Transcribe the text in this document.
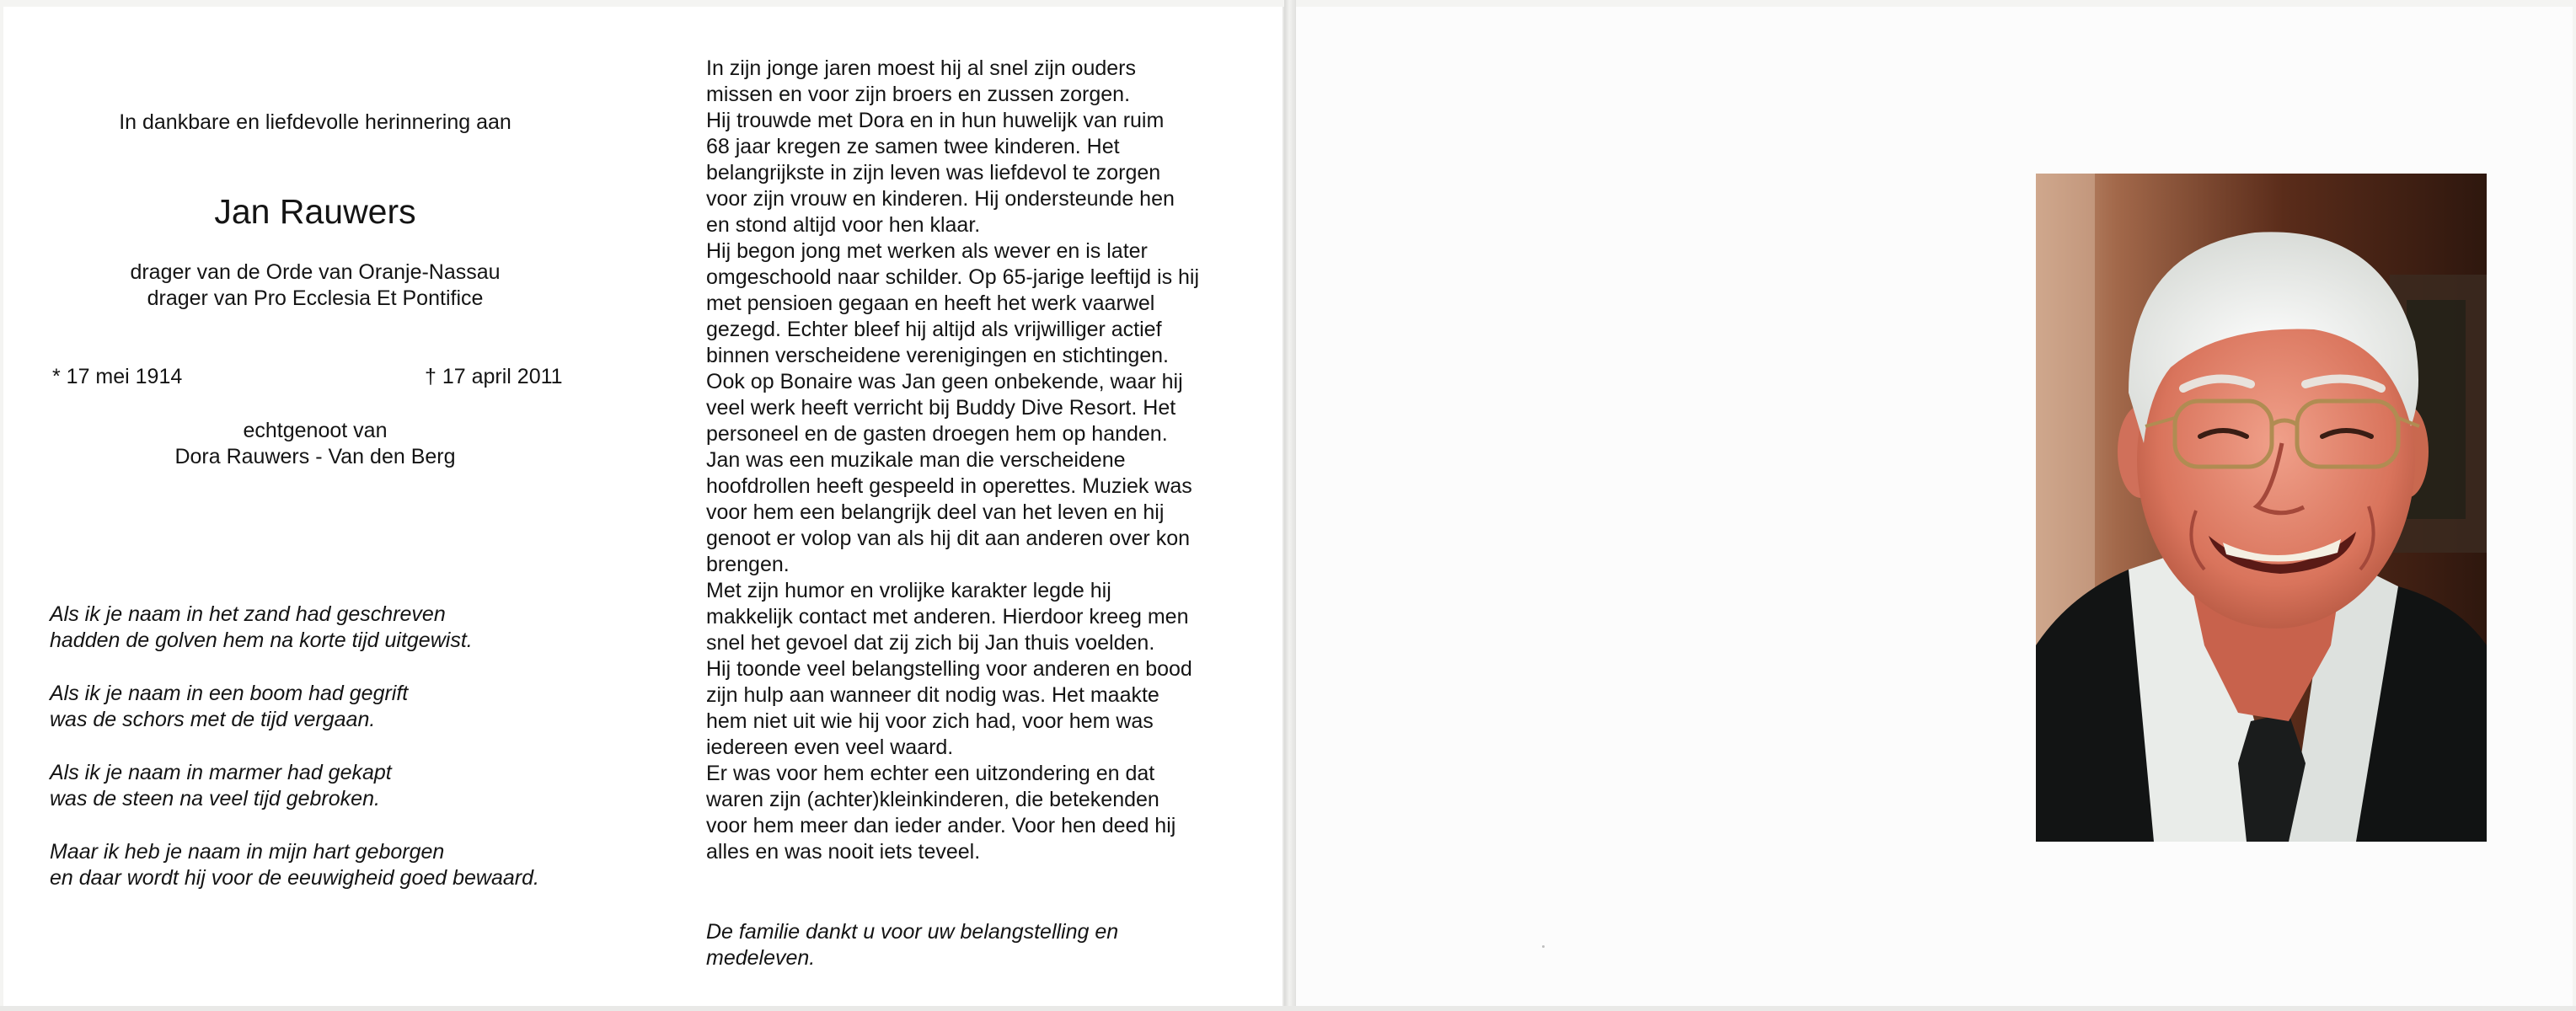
In dankbare en liefdevolle herinnering aan
Jan Rauwers
drager van de Orde van Oranje-Nassau
drager van Pro Ecclesia Et Pontifice
* 17 mei 1914	† 17 april 2011
echtgenoot van
Dora Rauwers - Van den Berg
Als ik je naam in het zand had geschreven
hadden de golven hem na korte tijd uitgewist.
Als ik je naam in een boom had gegrift
was de schors met de tijd vergaan.
Als ik je naam in marmer had gekapt
was de steen na veel tijd gebroken.
Maar ik heb je naam in mijn hart geborgen
en daar wordt hij voor de eeuwigheid goed bewaard.
In zijn jonge jaren moest hij al snel zijn ouders
missen en voor zijn broers en zussen zorgen.
Hij trouwde met Dora en in hun huwelijk van ruim
68 jaar kregen ze samen twee kinderen. Het
belangrijkste in zijn leven was liefdevol te zorgen
voor zijn vrouw en kinderen. Hij ondersteunde hen
en stond altijd voor hen klaar.
Hij begon jong met werken als wever en is later
omgeschoold naar schilder. Op 65-jarige leeftijd is hij
met pensioen gegaan en heeft het werk vaarwel
gezegd. Echter bleef hij altijd als vrijwilliger actief
binnen verscheidene verenigingen en stichtingen.
Ook op Bonaire was Jan geen onbekende, waar hij
veel werk heeft verricht bij Buddy Dive Resort. Het
personeel en de gasten droegen hem op handen.
Jan was een muzikale man die verscheidene
hoofdrollen heeft gespeeld in operettes. Muziek was
voor hem een belangrijk deel van het leven en hij
genoot er volop van als hij dit aan anderen over kon
brengen.
Met zijn humor en vrolijke karakter legde hij
makkelijk contact met anderen. Hierdoor kreeg men
snel het gevoel dat zij zich bij Jan thuis voelden.
Hij toonde veel belangstelling voor anderen en bood
zijn hulp aan wanneer dit nodig was. Het maakte
hem niet uit wie hij voor zich had, voor hem was
iedereen even veel waard.
Er was voor hem echter een uitzondering en dat
waren zijn (achter)kleinkinderen, die betekenden
voor hem meer dan ieder ander. Voor hen deed hij
alles en was nooit iets teveel.
De familie dankt u voor uw belangstelling en
medeleven.
